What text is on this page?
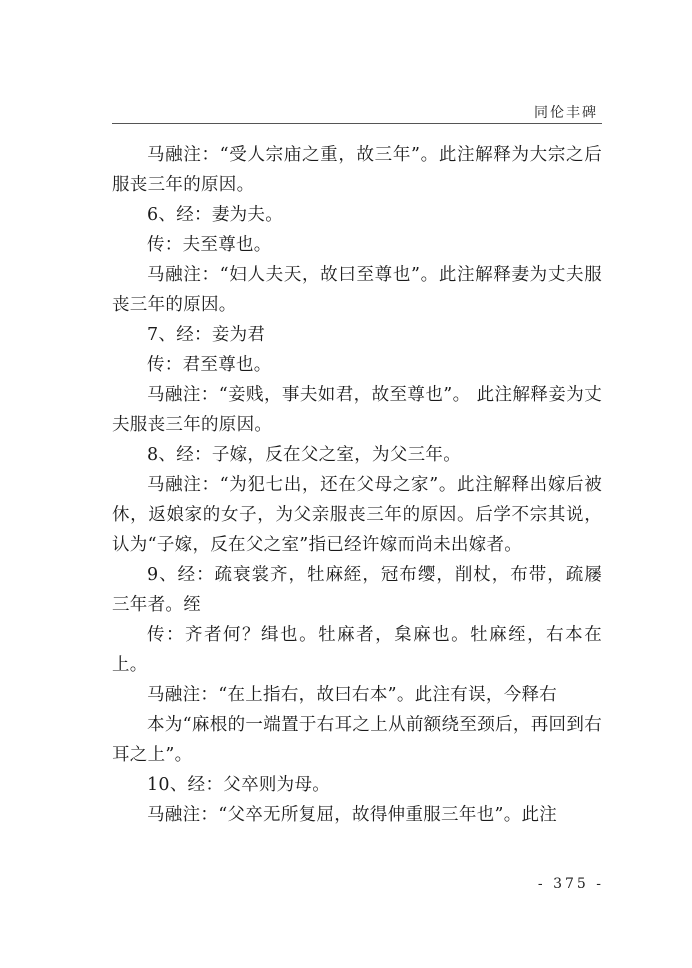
同伦丰碑

马融注：“受人宗庙之重，故三年”。此注解释为大宗之后服丧三年的原因。

6、经：妻为夫。

传：夫至尊也。

马融注：“妇人夫天，故曰至尊也”。此注解释妻为丈夫服丧三年的原因。

7、经：妾为君

传：君至尊也。

马融注：“妾贱，事夫如君，故至尊也”。 此注解释妾为丈夫服丧三年的原因。

8、经：子嫁，反在父之室，为父三年。

马融注：“为犯七出，还在父母之家”。此注解释出嫁后被休，返娘家的女子，为父亲服丧三年的原因。后学不宗其说，认为“子嫁，反在父之室”指已经许嫁而尚未出嫁者。

9、经：疏衰裳齐，牡麻絰，冠布缨，削杖，布带，疏屦三年者。绖

传：齐者何？缉也。牡麻者，枲麻也。牡麻绖，右本在上。

马融注：“在上指右，故曰右本”。此注有误，今释右

本为“麻根的一端置于右耳之上从前额绕至颈后，再回到右耳之上”。

10、经：父卒则为母。

马融注：“父卒无所复屈，故得伸重服三年也”。此注

- 375 -
